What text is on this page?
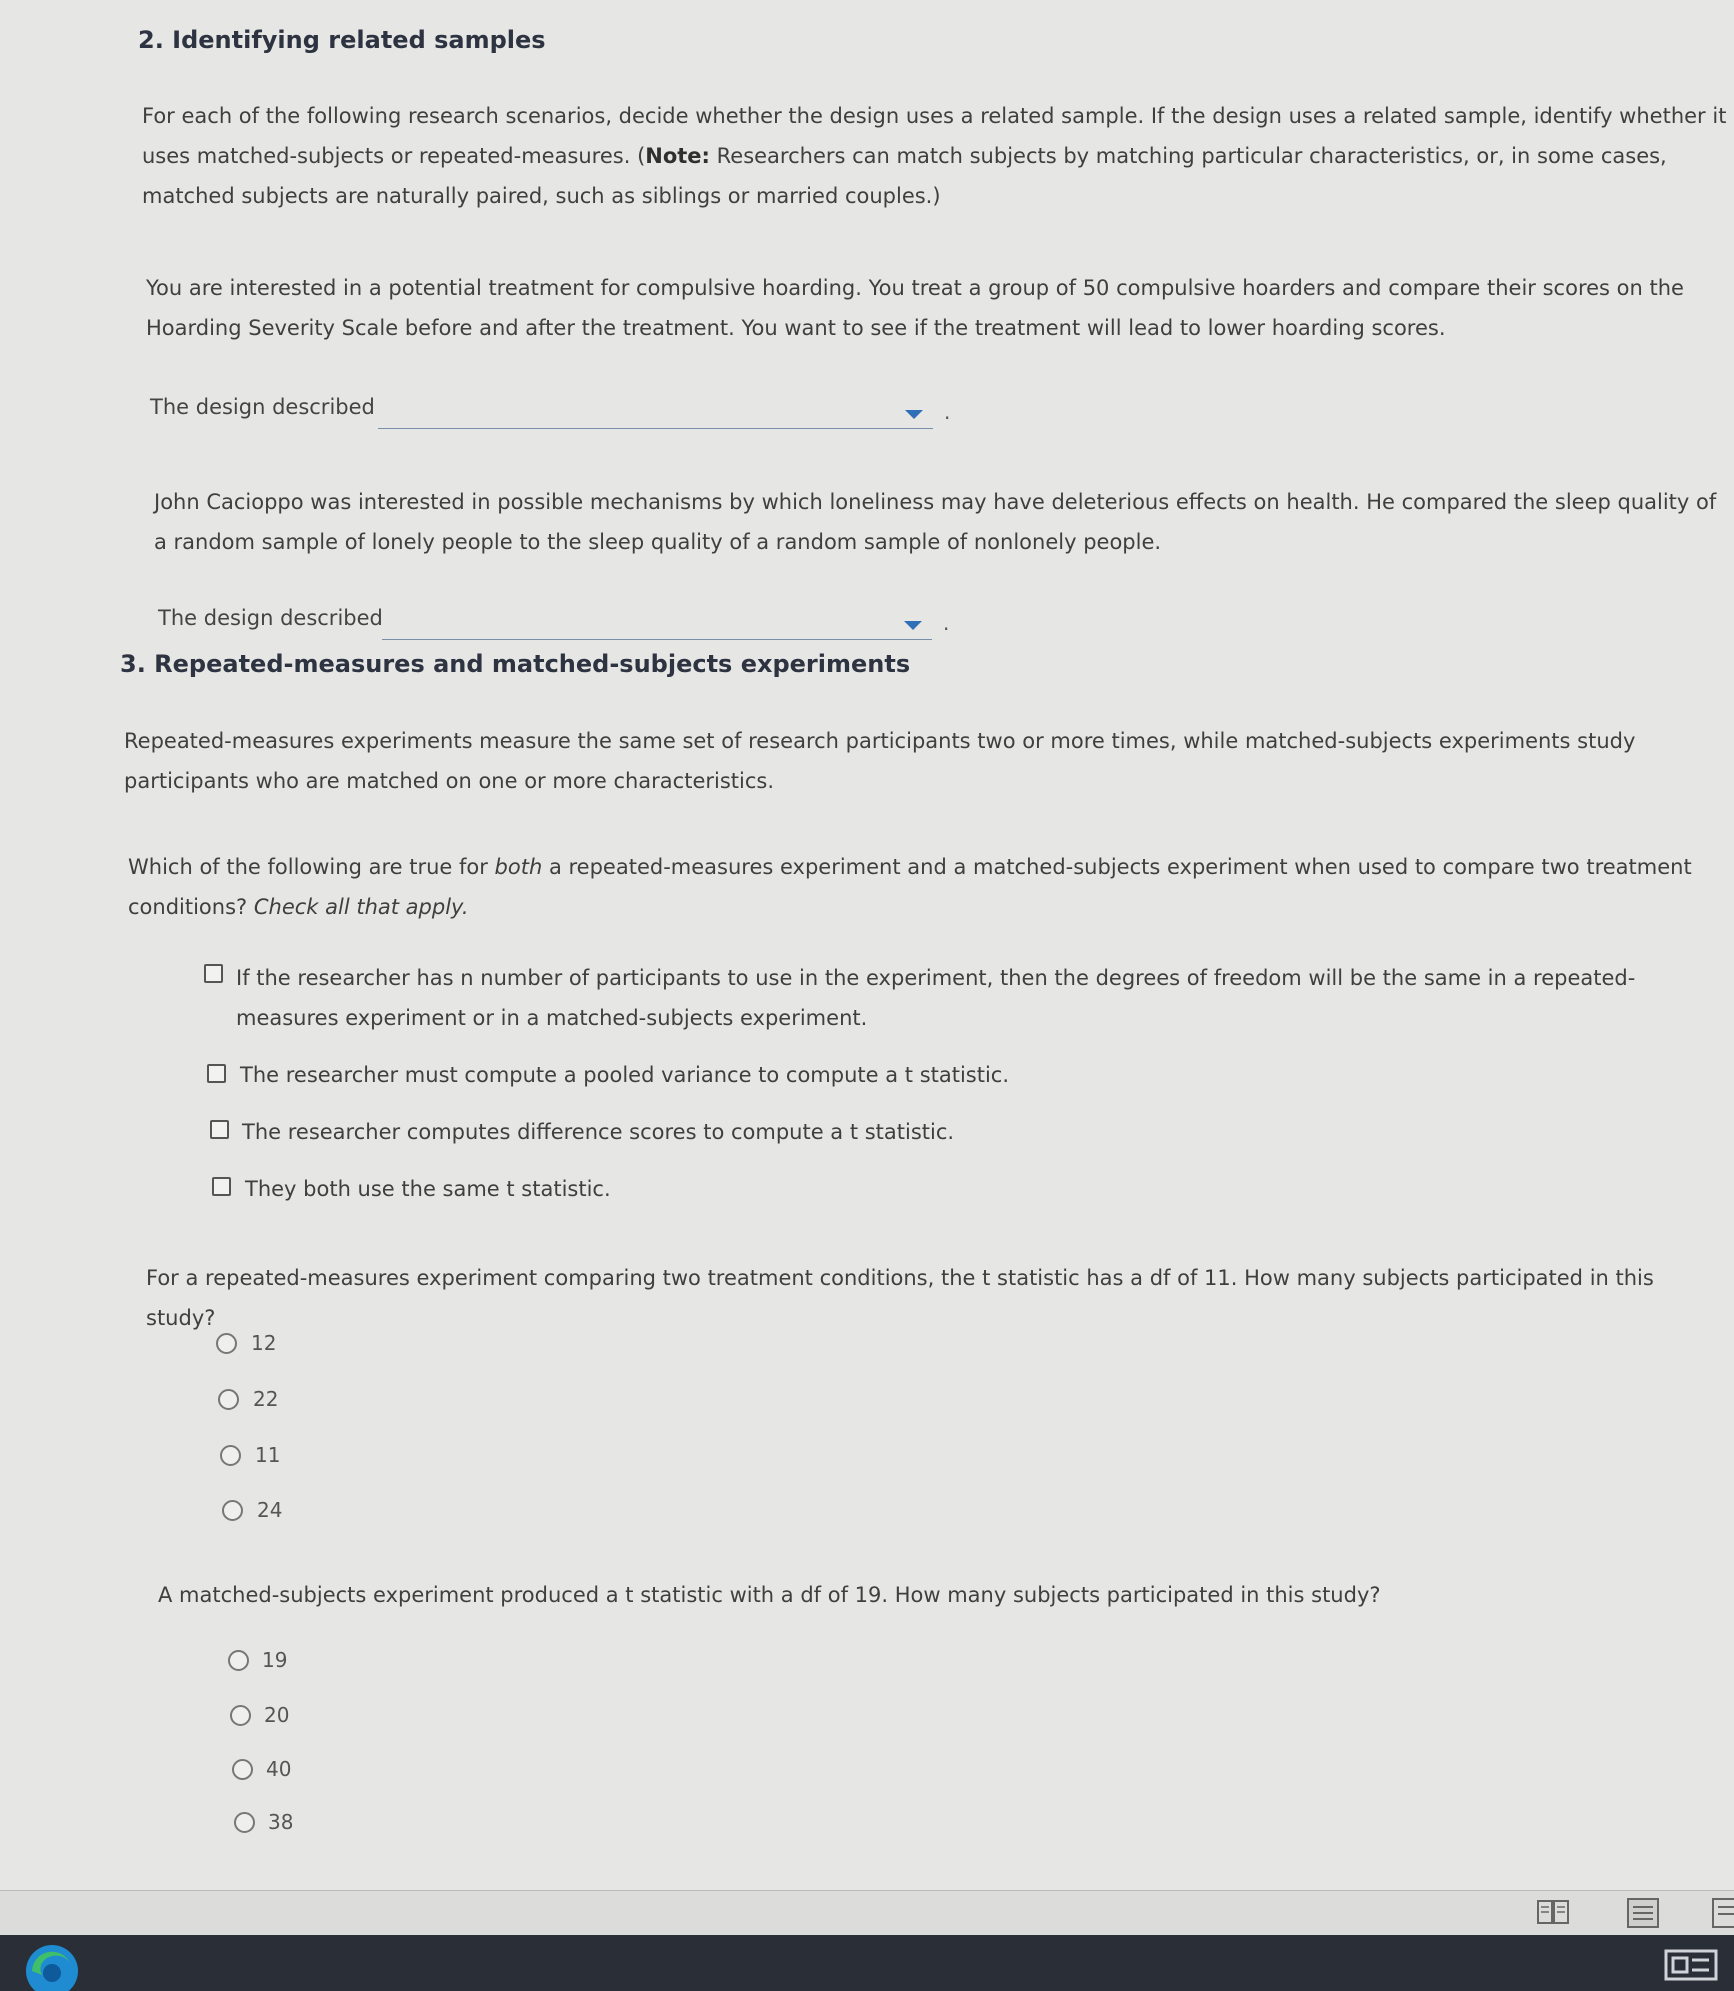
2. Identifying related samples
For each of the following research scenarios, decide whether the design uses a related sample. If the design uses a related sample, identify whether it uses matched-subjects or repeated-measures. (Note: Researchers can match subjects by matching particular characteristics, or, in some cases, matched subjects are naturally paired, such as siblings or married couples.)
You are interested in a potential treatment for compulsive hoarding. You treat a group of 50 compulsive hoarders and compare their scores on the Hoarding Severity Scale before and after the treatment. You want to see if the treatment will lead to lower hoarding scores.
The design described	.
John Cacioppo was interested in possible mechanisms by which loneliness may have deleterious effects on health. He compared the sleep quality of a random sample of lonely people to the sleep quality of a random sample of nonlonely people.
The design described	.
3. Repeated-measures and matched-subjects experiments
Repeated-measures experiments measure the same set of research participants two or more times, while matched-subjects experiments study participants who are matched on one or more characteristics.
Which of the following are true for both a repeated-measures experiment and a matched-subjects experiment when used to compare two treatment conditions? Check all that apply.
If the researcher has n number of participants to use in the experiment, then the degrees of freedom will be the same in a repeated-measures experiment or in a matched-subjects experiment.
The researcher must compute a pooled variance to compute a t statistic.
The researcher computes difference scores to compute a t statistic.
They both use the same t statistic.
For a repeated-measures experiment comparing two treatment conditions, the t statistic has a df of 11. How many subjects participated in this study?
12
22
11
24
A matched-subjects experiment produced a t statistic with a df of 19. How many subjects participated in this study?
19
20
40
38
